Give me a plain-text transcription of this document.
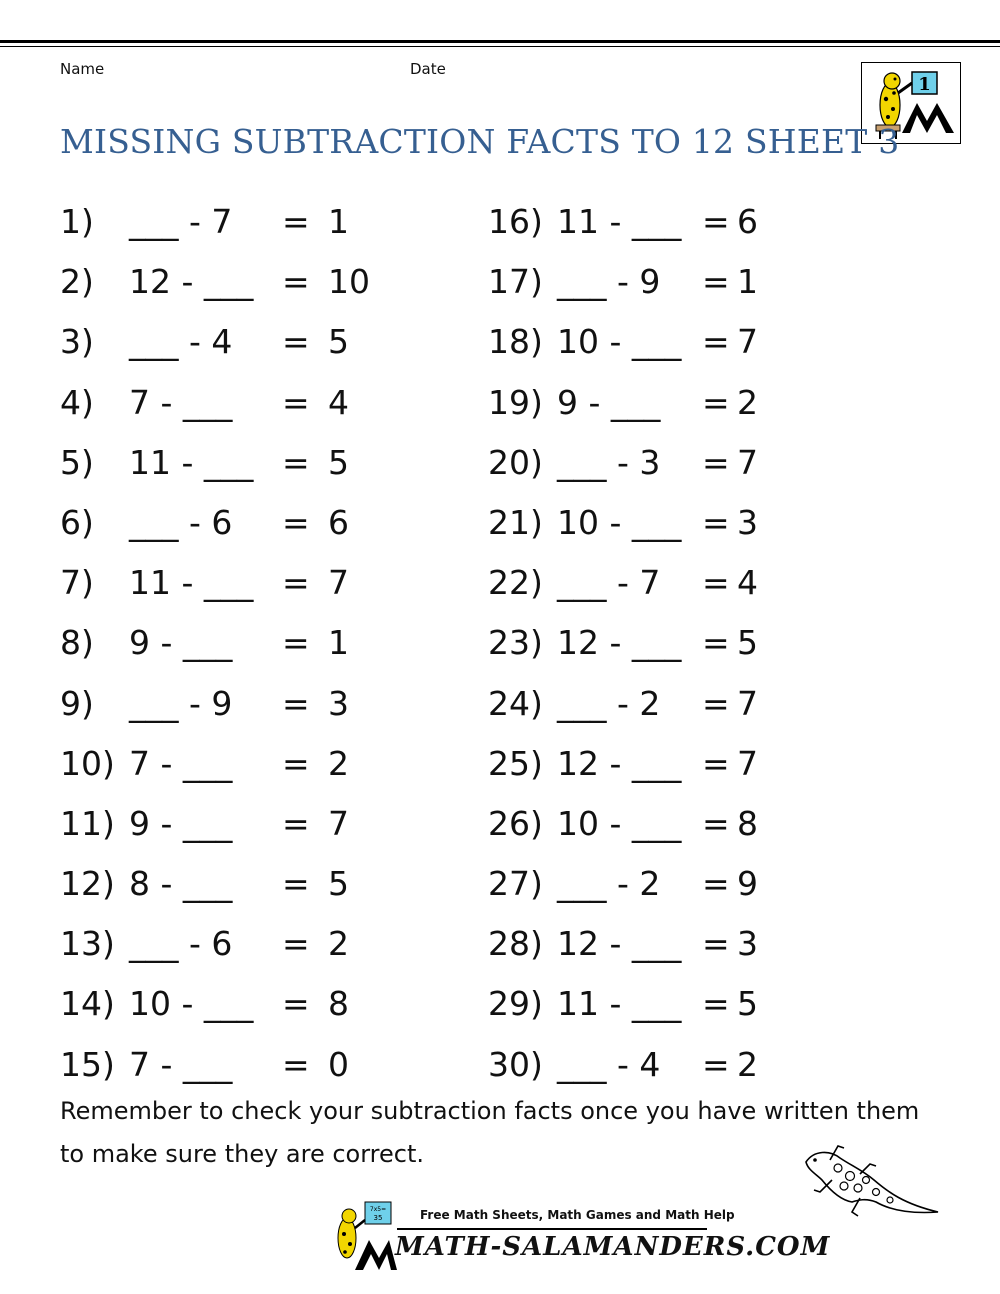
Name	Date
1
MISSING SUBTRACTION FACTS TO 12 SHEET 3
1) ___ - 7 = 1
2) 12 - ___ = 10
3) ___ - 4 = 5
4) 7 - ___ = 4
5) 11 - ___ = 5
6) ___ - 6 = 6
7) 11 - ___ = 7
8) 9 - ___ = 1
9) ___ - 9 = 3
10) 7 - ___ = 2
11) 9 - ___ = 7
12) 8 - ___ = 5
13) ___ - 6 = 2
14) 10 - ___ = 8
15) 7 - ___ = 0
16) 11 - ___ = 6
17) ___ - 9 = 1
18) 10 - ___ = 7
19) 9 - ___ = 2
20) ___ - 3 = 7
21) 10 - ___ = 3
22) ___ - 7 = 4
23) 12 - ___ = 5
24) ___ - 2 = 7
25) 12 - ___ = 7
26) 10 - ___ = 8
27) ___ - 2 = 9
28) 12 - ___ = 3
29) 11 - ___ = 5
30) ___ - 4 = 2
Remember to check your subtraction facts once you have written them to make sure they are correct.
7x5=
35	Free Math Sheets, Math Games and Math Help
MATH-SALAMANDERS.COM
